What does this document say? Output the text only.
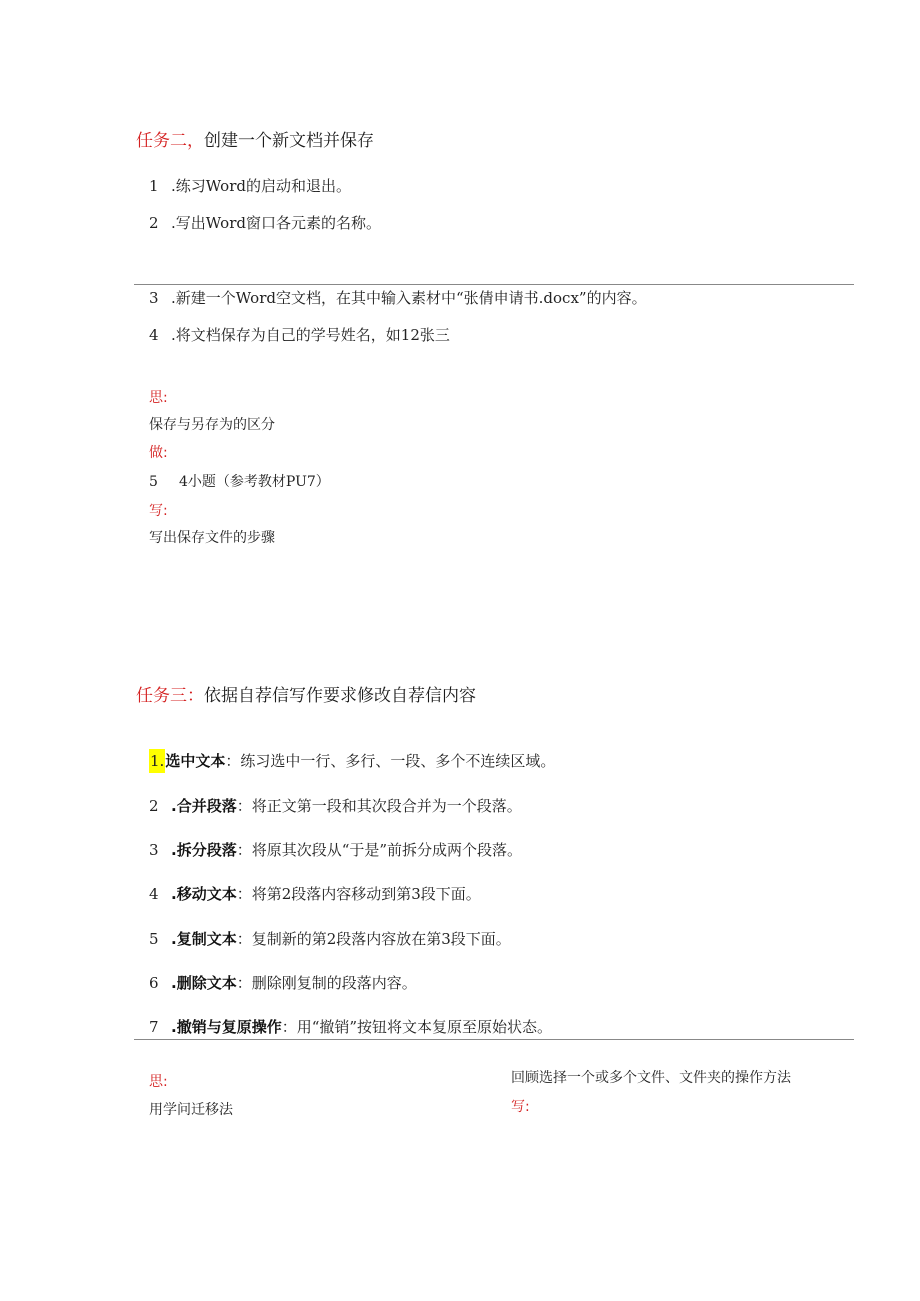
任务二，创建一个新文档并保存
1 .练习Word的启动和退出。
2 .写出Word窗口各元素的名称。
3 .新建一个Word空文档，在其中输入素材中“张倩申请书.docx”的内容。
4 .将文档保存为自己的学号姓名，如12张三
思:
保存与另存为的区分
做:
5 4小题（参考教材PU7）
写:
写出保存文件的步骤
任务三：依据自荐信写作要求修改自荐信内容
1.选中文本：练习选中一行、多行、一段、多个不连续区域。
2 .合并段落：将正文第一段和其次段合并为一个段落。
3 .拆分段落：将原其次段从“于是”前拆分成两个段落。
4 .移动文本：将第2段落内容移动到第3段下面。
5 .复制文本：复制新的第2段落内容放在第3段下面。
6 .删除文本：删除刚复制的段落内容。
7 .撤销与复原操作：用“撤销”按钮将文本复原至原始状态。
思:
用学问迁移法
回顾选择一个或多个文件、文件夹的操作方法
写:
